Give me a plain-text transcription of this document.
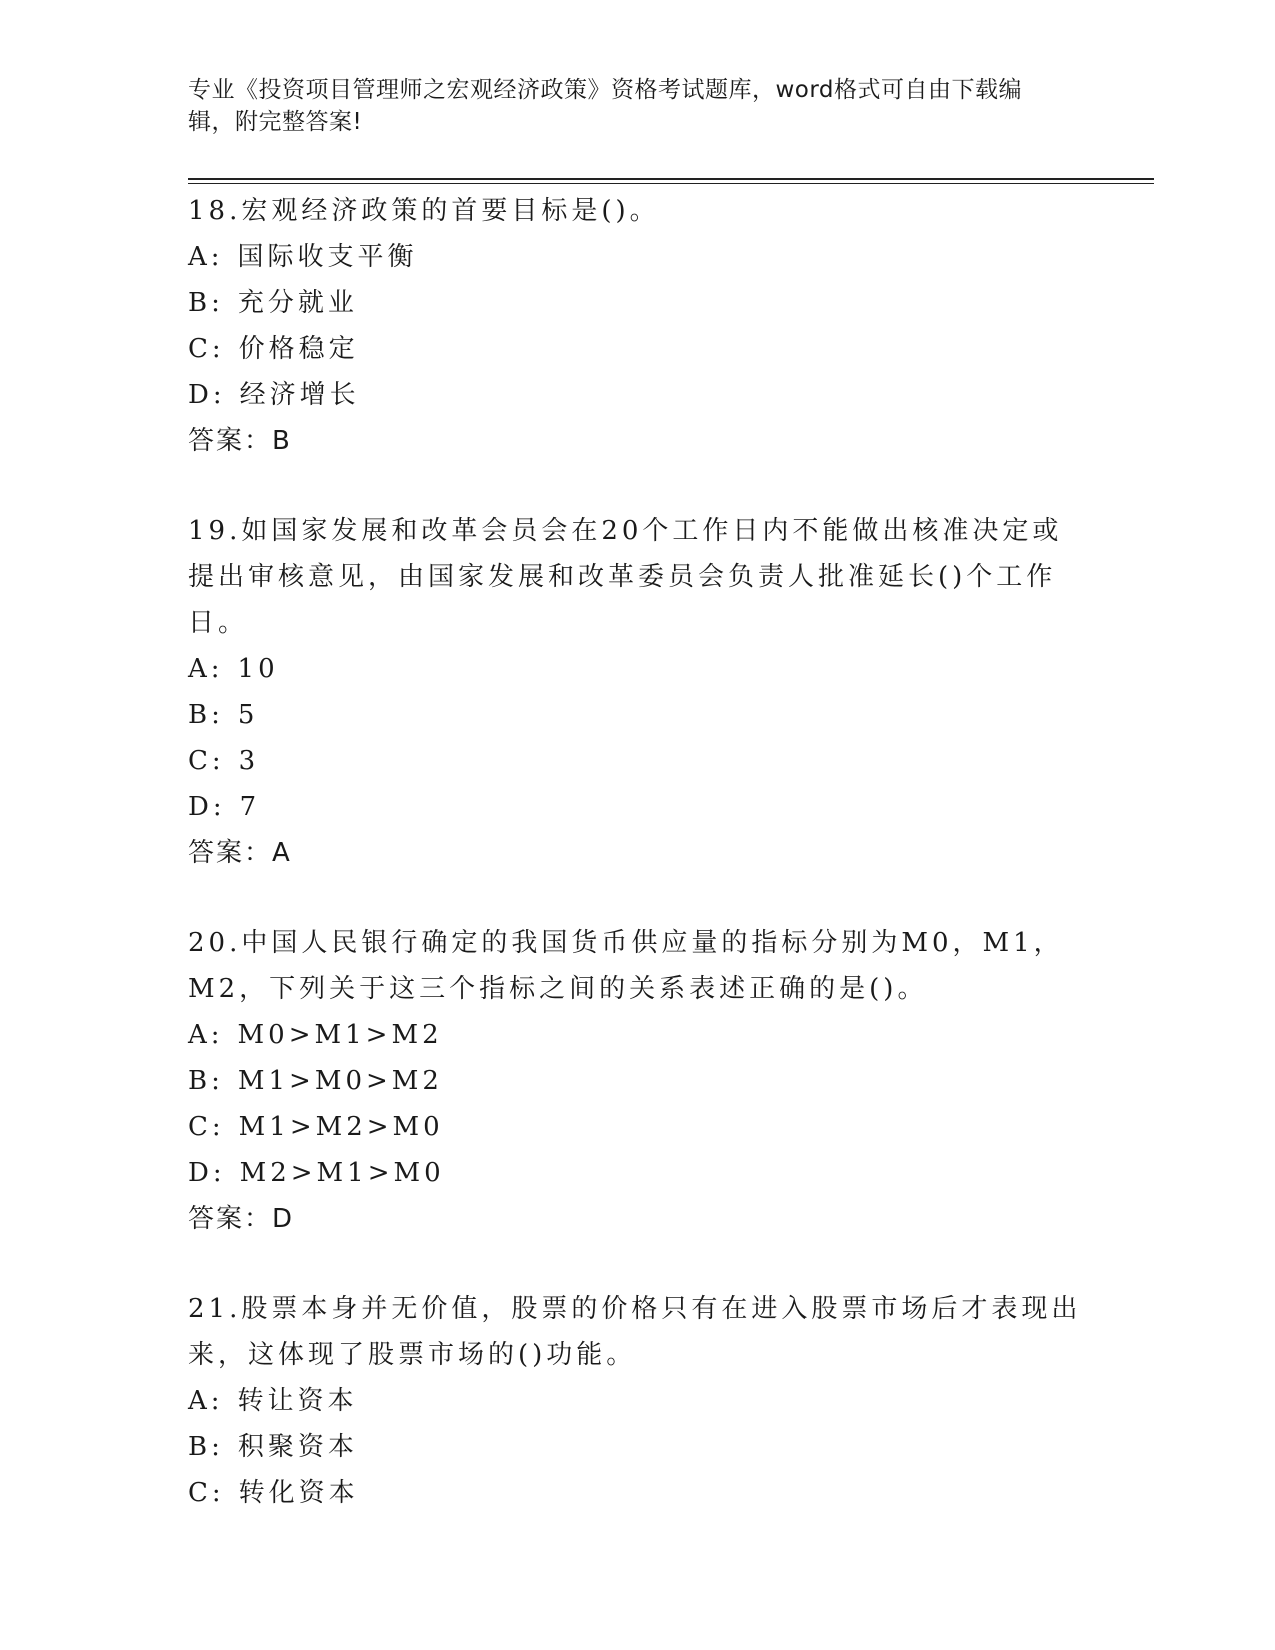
专业《投资项目管理师之宏观经济政策》资格考试题库，word格式可自由下载编
辑，附完整答案!
18.宏观经济政策的首要目标是()。
A: 国际收支平衡
B: 充分就业
C: 价格稳定
D: 经济增长
答案：B
19.如国家发展和改革会员会在20个工作日内不能做出核准决定或提出审核意见，由国家发展和改革委员会负责人批准延长()个工作日。
A: 10
B: 5
C: 3
D: 7
答案：A
20.中国人民银行确定的我国货币供应量的指标分别为M0，M1，M2，下列关于这三个指标之间的关系表述正确的是()。
A: M0>M1>M2
B: M1>M0>M2
C: M1>M2>M0
D: M2>M1>M0
答案：D
21.股票本身并无价值，股票的价格只有在进入股票市场后才表现出来，这体现了股票市场的()功能。
A: 转让资本
B: 积聚资本
C: 转化资本
